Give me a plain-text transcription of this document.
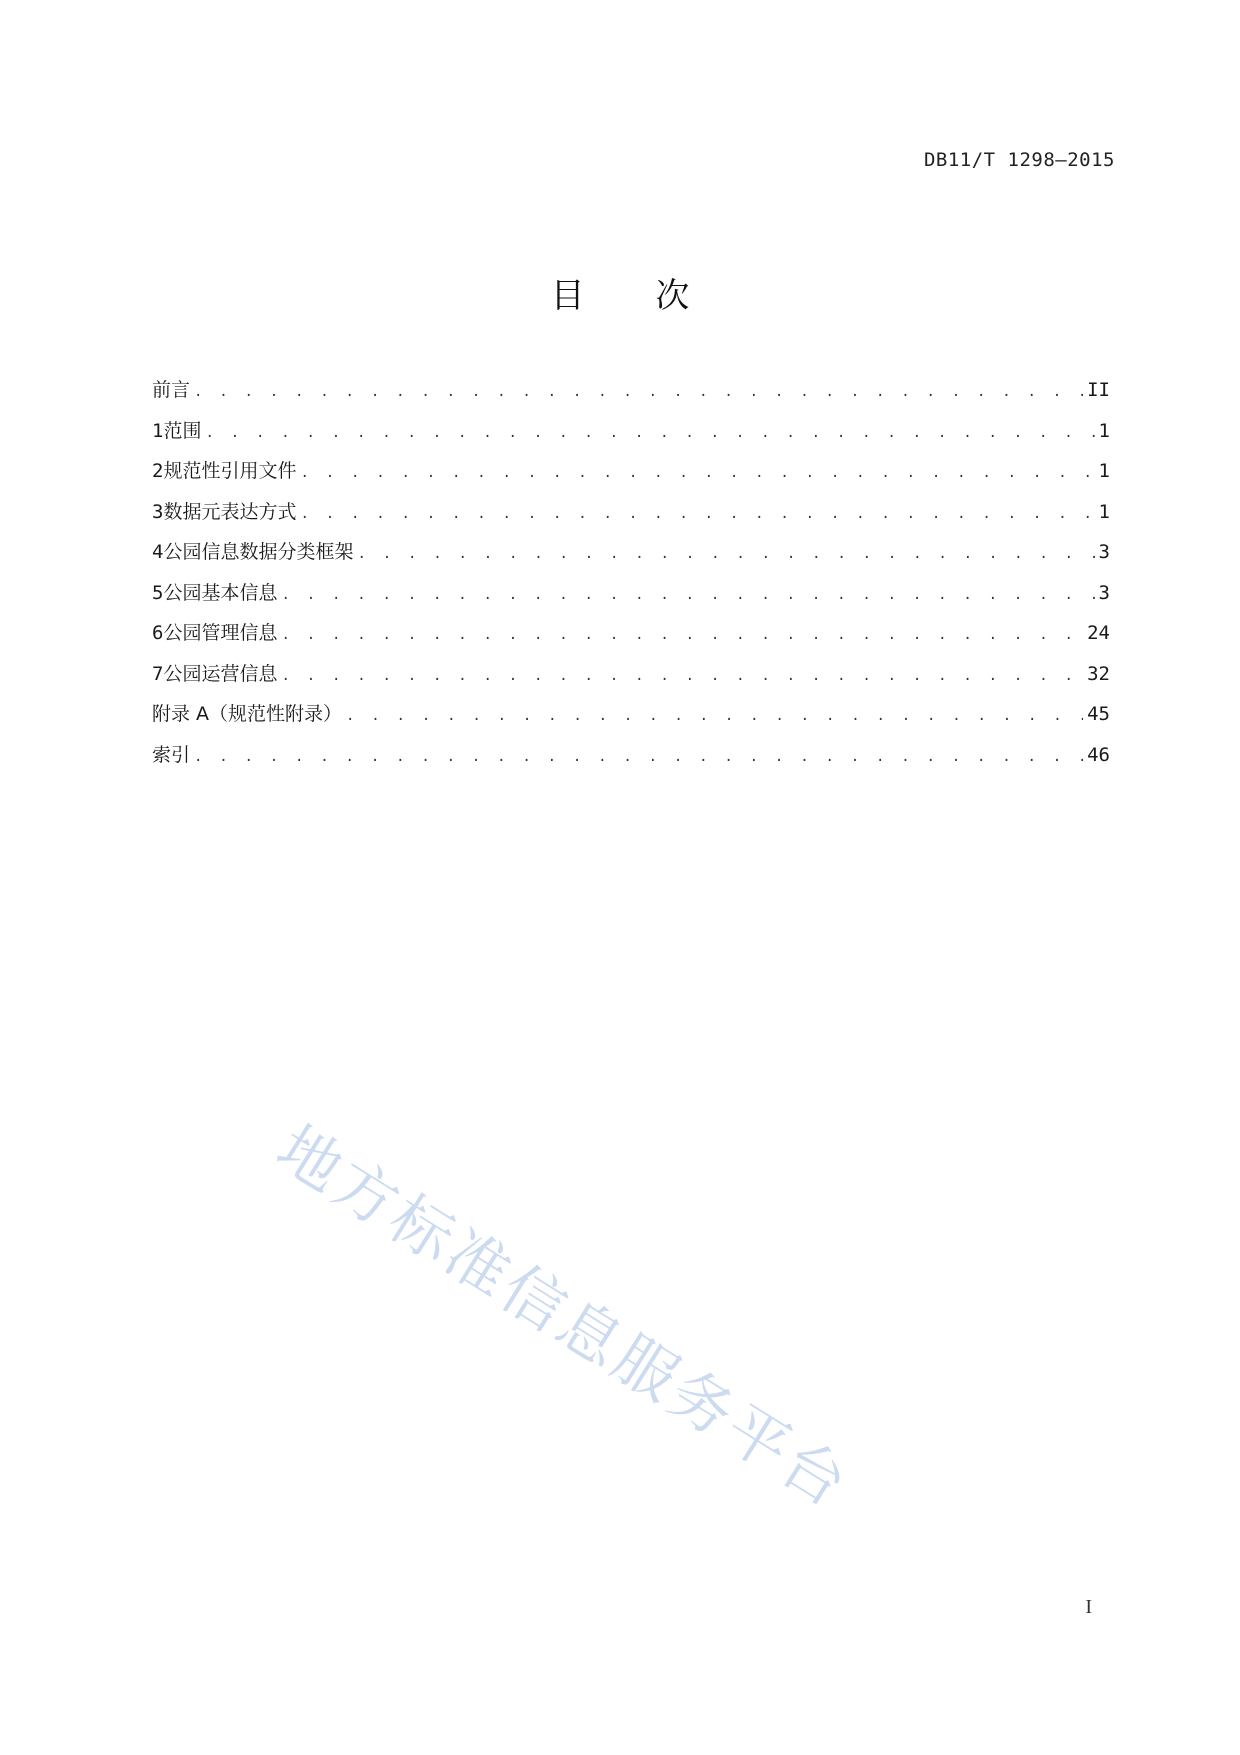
DB11/T 1298—2015
目 次
前言 . . .	II
1 范围 . . .	1
2 规范性引用文件 . . .	1
3 数据元表达方式 . . .	1
4 公园信息数据分类框架 . . .	3
5 公园基本信息 . . .	3
6 公园管理信息 . . .	24
7 公园运营信息 . . .	32
附录 A（规范性附录） . . .	45
索引 . . .	46
地方标准信息服务平台
I
